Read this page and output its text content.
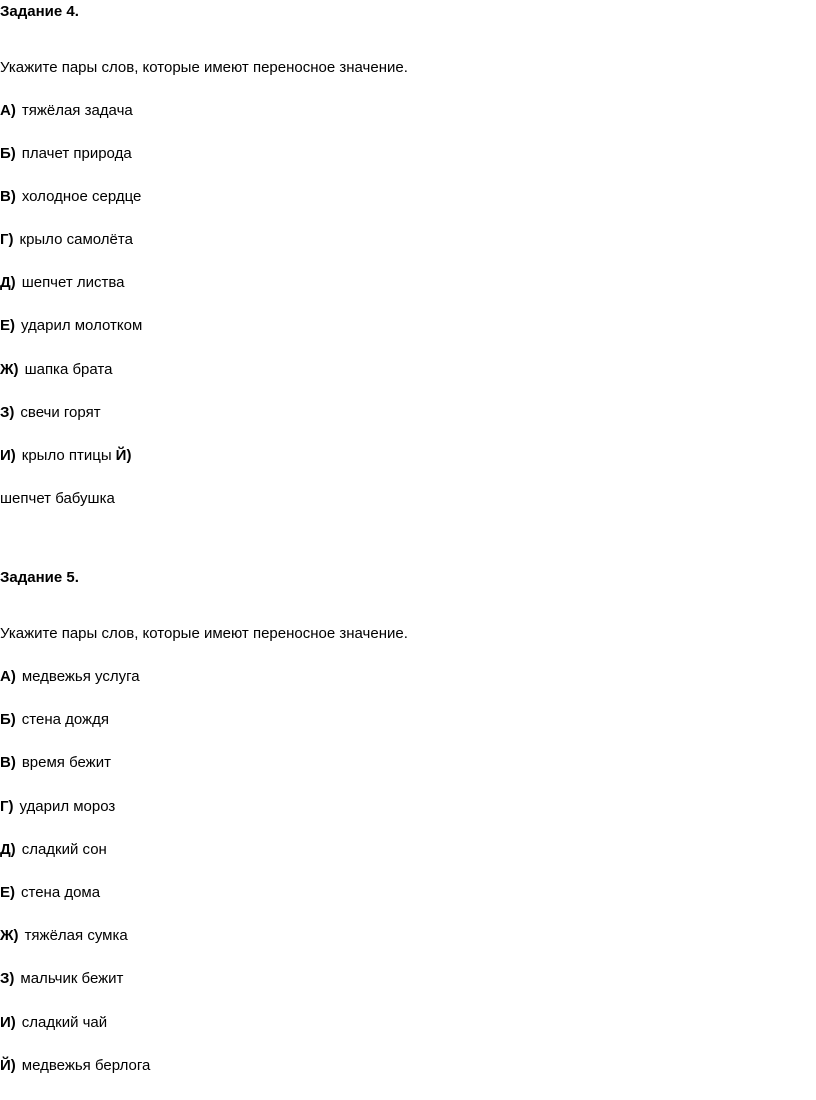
Задание 4.
Укажите пары слов, которые имеют переносное значение.
А) тяжёлая задача
Б) плачет природа
В) холодное сердце
Г) крыло самолёта
Д) шепчет листва
Е) ударил молотком
Ж) шапка брата
З) свечи горят
И) крыло птицы Й)
шепчет бабушка
Задание 5.
Укажите пары слов, которые имеют переносное значение.
А) медвежья услуга
Б) стена дождя
В) время бежит
Г) ударил мороз
Д) сладкий сон
Е) стена дома
Ж) тяжёлая сумка
З) мальчик бежит
И) сладкий чай
Й) медвежья берлога
